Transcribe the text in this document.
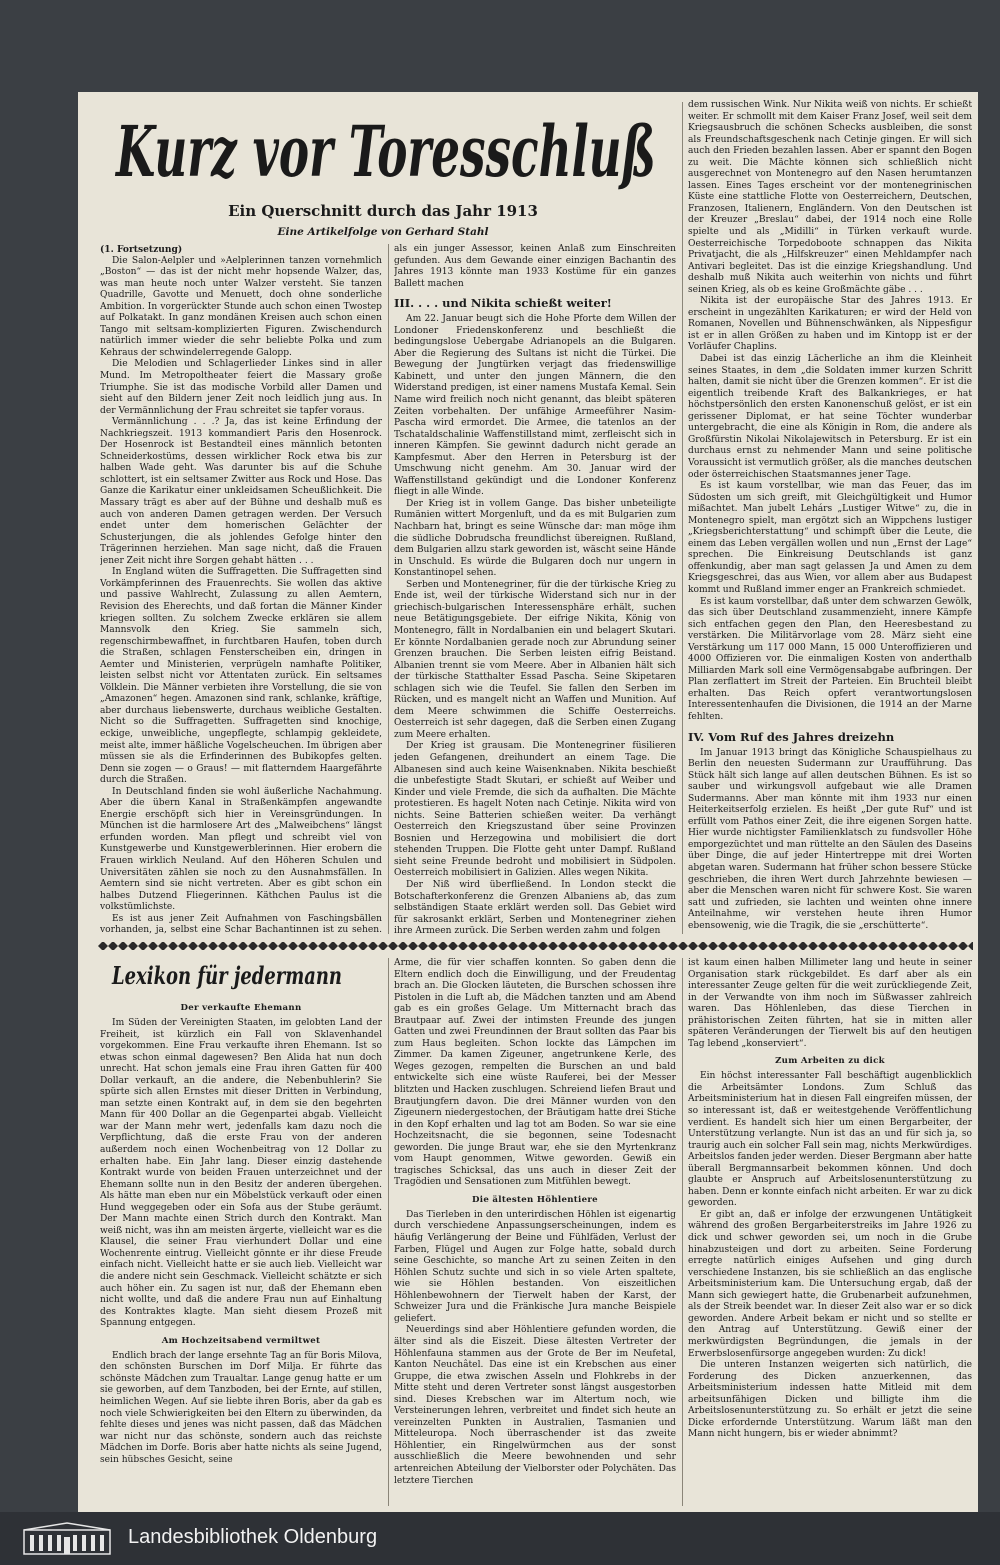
Kurz vor Toresschluß
Ein Querschnitt durch das Jahr 1913
Eine Artikelfolge von Gerhard Stahl

(1. Fortsetzung)

Die Salon-Aelpler und »Aelplerinnen tanzen vornehmlich „Boston“ — das ist der nicht mehr hopsende Walzer, das, was man heute noch unter Walzer versteht. Sie tanzen Quadrille, Gavotte und Menuett, doch ohne sonderliche Ambition. In vorgerückter Stunde auch schon einen Twostep auf Polkatakt. In ganz mondänen Kreisen auch schon einen Tango mit seltsam-komplizierten Figuren. Zwischendurch natürlich immer wieder die sehr beliebte Polka und zum Kehraus der schwindelerregende Galopp.

Die Melodien und Schlagerlieder Linkes sind in aller Mund. Im Metropoltheater feiert die Massary große Triumphe. Sie ist das modische Vorbild aller Damen und sieht auf den Bildern jener Zeit noch leidlich jung aus. In der Vermännlichung der Frau schreitet sie tapfer voraus.

Vermännlichung . . .? Ja, das ist keine Erfindung der Nachkriegszeit. 1913 kommandiert Paris den Hosenrock. Der Hosenrock ist Bestandteil eines männlich betonten Schneiderkostüms, dessen wirklicher Rock etwa bis zur halben Wade geht. Was darunter bis auf die Schuhe schlottert, ist ein seltsamer Zwitter aus Rock und Hose. Das Ganze die Karikatur einer unkleidsamen Scheußlichkeit. Die Massary trägt es aber auf der Bühne und deshalb muß es auch von anderen Damen getragen werden. Der Versuch endet unter dem homerischen Gelächter der Schusterjungen, die als johlendes Gefolge hinter den Trägerinnen herziehen. Man sage nicht, daß die Frauen jener Zeit nicht ihre Sorgen gehabt hätten . . .

In England wüten die Suffragetten. Die Suffragetten sind Vorkämpferinnen des Frauenrechts. Sie wollen das aktive und passive Wahlrecht, Zulassung zu allen Aemtern, Revision des Eherechts, und daß fortan die Männer Kinder kriegen sollten. Zu solchem Zwecke erklären sie allem Mannsvolk den Krieg. Sie sammeln sich, regenschirmbewaffnet, in furchtbaren Haufen, toben durch die Straßen, schlagen Fensterscheiben ein, dringen in Aemter und Ministerien, verprügeln namhafte Politiker, leisten selbst nicht vor Attentaten zurück. Ein seltsames Völklein. Die Männer verbieten ihre Vorstellung, die sie von „Amazonen“ hegen. Amazonen sind rank, schlanke, kräftige, aber durchaus liebenswerte, durchaus weibliche Gestalten. Nicht so die Suffragetten. Suffragetten sind knochige, eckige, unweibliche, ungepflegte, schlampig gekleidete, meist alte, immer häßliche Vogelscheuchen. Im übrigen aber müssen sie als die Erfinderinnen des Bubikopfes gelten. Denn sie zogen — o Graus! — mit flatterndem Haargefährte durch die Straßen.

In Deutschland finden sie wohl äußerliche Nachahmung. Aber die übern Kanal in Straßenkämpfen angewandte Energie erschöpft sich hier in Vereinsgründungen. In München ist die harmlosere Art des „Malweibchens“ längst erfunden worden. Man pflegt und schreibt viel von Kunstgewerbe und Kunstgewerblerinnen. Hier erobern die Frauen wirklich Neuland. Auf den Höheren Schulen und Universitäten zählen sie noch zu den Ausnahmsfällen. In Aemtern sind sie nicht vertreten. Aber es gibt schon ein halbes Dutzend Fliegerinnen. Käthchen Paulus ist die volkstümlichste.

Es ist aus jener Zeit Aufnahmen von Faschingsbällen vorhanden, ja, selbst eine Schar Bachantinnen ist zu sehen.

als ein junger Assessor, keinen Anlaß zum Einschreiten gefunden. Aus dem Gewande einer einzigen Bachantin des Jahres 1913 könnte man 1933 Kostüme für ein ganzes Ballett machen

III. . . . und Nikita schießt weiter!

Am 22. Januar beugt sich die Hohe Pforte dem Willen der Londoner Friedenskonferenz und beschließt die bedingungslose Uebergabe Adrianopels an die Bulgaren. Aber die Regierung des Sultans ist nicht die Türkei. Die Bewegung der Jungtürken verjagt das friedenswillige Kabinett, und unter den jungen Männern, die den Widerstand predigen, ist einer namens Mustafa Kemal. Sein Name wird freilich noch nicht genannt, das bleibt späteren Zeiten vorbehalten. Der unfähige Armeeführer Nasim-Pascha wird ermordet. Die Armee, die tatenlos an der Tschataldschalinie Waffenstillstand mimt, zerfleischt sich in inneren Kämpfen. Sie gewinnt dadurch nicht gerade an Kampfesmut. Aber den Herren in Petersburg ist der Umschwung nicht genehm. Am 30. Januar wird der Waffenstillstand gekündigt und die Londoner Konferenz fliegt in alle Winde.

Der Krieg ist in vollem Gange. Das bisher unbeteiligte Rumänien wittert Morgenluft, und da es mit Bulgarien zum Nachbarn hat, bringt es seine Wünsche dar: man möge ihm die südliche Dobrudscha freundlichst übereignen. Rußland, dem Bulgarien allzu stark geworden ist, wäscht seine Hände in Unschuld. Es würde die Bulgaren doch nur ungern in Konstantinopel sehen.

Serben und Montenegriner, für die der türkische Krieg zu Ende ist, weil der türkische Widerstand sich nur in der griechisch-bulgarischen Interessensphäre erhält, suchen neue Betätigungsgebiete. Der eifrige Nikita, König von Montenegro, fällt in Nordalbanien ein und belagert Skutari. Er könnte Nordalbanien gerade noch zur Abrundung seiner Grenzen brauchen. Die Serben leisten eifrig Beistand. Albanien trennt sie vom Meere. Aber in Albanien hält sich der türkische Statthalter Essad Pascha. Seine Skipetaren schlagen sich wie die Teufel. Sie fallen den Serben im Rücken, und es mangelt nicht an Waffen und Munition. Auf dem Meere schwimmen die Schiffe Oesterreichs. Oesterreich ist sehr dagegen, daß die Serben einen Zugang zum Meere erhalten.

Der Krieg ist grausam. Die Montenegriner füsilieren jeden Gefangenen, dreihundert an einem Tage. Die Albanesen sind auch keine Waisenknaben. Nikita beschießt die unbefestigte Stadt Skutari, er schießt auf Weiber und Kinder und viele Fremde, die sich da aufhalten. Die Mächte protestieren. Es hagelt Noten nach Cetinje. Nikita wird von nichts. Seine Batterien schießen weiter. Da verhängt Oesterreich den Kriegszustand über seine Provinzen Bosnien und Herzegowina und mobilisiert die dort stehenden Truppen. Die Flotte geht unter Dampf. Rußland sieht seine Freunde bedroht und mobilisiert in Südpolen. Oesterreich mobilisiert in Galizien. Alles wegen Nikita.

Der Niß wird überfließend. In London steckt die Botschafterkonferenz die Grenzen Albaniens ab, das zum selbständigen Staate erklärt werden soll. Das Gebiet wird für sakrosankt erklärt, Serben und Montenegriner ziehen ihre Armeen zurück. Die Serben werden zahm und folgen

dem russischen Wink. Nur Nikita weiß von nichts. Er schießt weiter. Er schmollt mit dem Kaiser Franz Josef, weil seit dem Kriegsausbruch die schönen Schecks ausbleiben, die sonst als Freundschaftsgeschenk nach Cetinje gingen. Er will sich auch den Frieden bezahlen lassen. Aber er spannt den Bogen zu weit. Die Mächte können sich schließlich nicht ausgerechnet von Montenegro auf den Nasen herumtanzen lassen. Eines Tages erscheint vor der montenegrinischen Küste eine stattliche Flotte von Oesterreichern, Deutschen, Franzosen, Italienern, Engländern. Von den Deutschen ist der Kreuzer „Breslau“ dabei, der 1914 noch eine Rolle spielte und als „Midilli“ in Türken verkauft wurde. Oesterreichische Torpedoboote schnappen das Nikita Privatjacht, die als „Hilfskreuzer“ einen Mehldampfer nach Antivari begleitet. Das ist die einzige Kriegshandlung. Und deshalb muß Nikita auch weiterhin von nichts und führt seinen Krieg, als ob es keine Großmächte gäbe . . .

Nikita ist der europäische Star des Jahres 1913. Er erscheint in ungezählten Karikaturen; er wird der Held von Romanen, Novellen und Bühnenschwänken, als Nippesfigur ist er in allen Größen zu haben und im Kintopp ist er der Vorläufer Chaplins.

Dabei ist das einzig Lächerliche an ihm die Kleinheit seines Staates, in dem „die Soldaten immer kurzen Schritt halten, damit sie nicht über die Grenzen kommen“. Er ist die eigentlich treibende Kraft des Balkankrieges, er hat höchstpersönlich den ersten Kanonenschuß gelöst, er ist ein gerissener Diplomat, er hat seine Töchter wunderbar untergebracht, die eine als Königin in Rom, die andere als Großfürstin Nikolai Nikolajewitsch in Petersburg. Er ist ein durchaus ernst zu nehmender Mann und seine politische Voraussicht ist vermutlich größer, als die manches deutschen oder österreichischen Staatsmannes jener Tage.

Es ist kaum vorstellbar, wie man das Feuer, das im Südosten um sich greift, mit Gleichgültigkeit und Humor mißachtet. Man jubelt Lehárs „Lustiger Witwe“ zu, die in Montenegro spielt, man ergötzt sich an Wippchens lustiger „Kriegsberichterstattung“ und schimpft über die Leute, die einem das Leben vergällen wollen und nun „Ernst der Lage“ sprechen. Die Einkreisung Deutschlands ist ganz offenkundig, aber man sagt gelassen Ja und Amen zu dem Kriegsgeschrei, das aus Wien, vor allem aber aus Budapest kommt und Rußland immer enger an Frankreich schmiedet.

Es ist kaum vorstellbar, daß unter dem schwarzen Gewölk, das sich über Deutschland zusammenzieht, innere Kämpfe sich entfachen gegen den Plan, den Heeresbestand zu verstärken. Die Militärvorlage vom 28. März sieht eine Verstärkung um 117 000 Mann, 15 000 Unteroffizieren und 4000 Offizieren vor. Die einmaligen Kosten von anderthalb Milliarden Mark soll eine Vermögensabgabe aufbringen. Der Plan zerflattert im Streit der Parteien. Ein Bruchteil bleibt erhalten. Das Reich opfert verantwortungslosen Interessentenhaufen die Divisionen, die 1914 an der Marne fehlten.

IV. Vom Ruf des Jahres dreizehn

Im Januar 1913 bringt das Königliche Schauspielhaus zu Berlin den neuesten Sudermann zur Uraufführung. Das Stück hält sich lange auf allen deutschen Bühnen. Es ist so sauber und wirkungsvoll aufgebaut wie alle Dramen Sudermanns. Aber man könnte mit ihm 1933 nur einen Heiterkeitserfolg erzielen. Es heißt „Der gute Ruf“ und ist erfüllt vom Pathos einer Zeit, die ihre eigenen Sorgen hatte. Hier wurde nichtigster Familienklatsch zu fundsvoller Höhe emporgezüchtet und man rüttelte an den Säulen des Daseins über Dinge, die auf jeder Hintertreppe mit drei Worten abgetan waren. Sudermann hat früher schon bessere Stücke geschrieben, die ihren Wert durch Jahrzehnte bewiesen — aber die Menschen waren nicht für schwere Kost. Sie waren satt und zufrieden, sie lachten und weinten ohne innere Anteilnahme, wir verstehen heute ihren Humor ebensowenig, wie die Tragik, die sie „erschütterte“.

Lexikon für jedermann
Der verkaufte Ehemann

Im Süden der Vereinigten Staaten, im gelobten Land der Freiheit, ist kürzlich ein Fall von Sklavenhandel vorgekommen. Eine Frau verkaufte ihren Ehemann. Ist so etwas schon einmal dagewesen? Ben Alida hat nun doch unrecht. Hat schon jemals eine Frau ihren Gatten für 400 Dollar verkauft, an die andere, die Nebenbuhlerin? Sie spürte sich allen Ernstes mit dieser Dritten in Verbindung, man setzte einen Kontrakt auf, in dem sie den begehrten Mann für 400 Dollar an die Gegenpartei abgab. Vielleicht war der Mann mehr wert, jedenfalls kam dazu noch die Verpflichtung, daß die erste Frau von der anderen außerdem noch einen Wochenbeitrag von 12 Dollar zu erhalten habe. Ein Jahr lang. Dieser einzig dastehende Kontrakt wurde von beiden Frauen unterzeichnet und der Ehemann sollte nun in den Besitz der anderen übergehen. Als hätte man eben nur ein Möbelstück verkauft oder einen Hund weggegeben oder ein Sofa aus der Stube geräumt. Der Mann machte einen Strich durch den Kontrakt. Man weiß nicht, was ihn am meisten ärgerte, vielleicht war es die Klausel, die seiner Frau vierhundert Dollar und eine Wochenrente eintrug. Vielleicht gönnte er ihr diese Freude einfach nicht. Vielleicht hatte er sie auch lieb. Vielleicht war die andere nicht sein Geschmack. Vielleicht schätzte er sich auch höher ein. Zu sagen ist nur, daß der Ehemann eben nicht wollte, und daß die andere Frau nun auf Einhaltung des Kontraktes klagte. Man sieht diesem Prozeß mit Spannung entgegen.

Am Hochzeitsabend vermiltwet

Endlich brach der lange ersehnte Tag an für Boris Milova, den schönsten Burschen im Dorf Milja. Er führte das schönste Mädchen zum Traualtar. Lange genug hatte er um sie geworben, auf dem Tanzboden, bei der Ernte, auf stillen, heimlichen Wegen. Auf sie liebte ihren Boris, aber da gab es noch viele Schwierigkeiten bei den Eltern zu überwinden, da fehlte dieses und jenes was nicht passen, daß das Mädchen war nicht nur das schönste, sondern auch das reichste Mädchen im Dorfe. Boris aber hatte nichts als seine Jugend, sein hübsches Gesicht, seine

Arme, die für vier schaffen konnten. So gaben denn die Eltern endlich doch die Einwilligung, und der Freudentag brach an. Die Glocken läuteten, die Burschen schossen ihre Pistolen in die Luft ab, die Mädchen tanzten und am Abend gab es ein großes Gelage. Um Mitternacht brach das Brautpaar auf. Zwei der intimsten Freunde des jungen Gatten und zwei Freundinnen der Braut sollten das Paar bis zum Haus begleiten. Schon lockte das Lämpchen im Zimmer. Da kamen Zigeuner, angetrunkene Kerle, des Weges gezogen, rempelten die Burschen an und bald entwickelte sich eine wüste Rauferei, bei der Messer blitzten und Hacken zuschlugen. Schreiend liefen Braut und Brautjungfern davon. Die drei Männer wurden von den Zigeunern niedergestochen, der Bräutigam hatte drei Stiche in den Kopf erhalten und lag tot am Boden. So war sie eine Hochzeitsnacht, die sie begonnen, seine Todesnacht geworden. Die junge Braut war, ehe sie den Myrtenkranz vom Haupt genommen, Witwe geworden. Gewiß ein tragisches Schicksal, das uns auch in dieser Zeit der Tragödien und Sensationen zum Mitfühlen bewegt.

Die ältesten Höhlentiere

Das Tierleben in den unterirdischen Höhlen ist eigenartig durch verschiedene Anpassungserscheinungen, indem es häufig Verlängerung der Beine und Fühlfäden, Verlust der Farben, Flügel und Augen zur Folge hatte, sobald durch seine Geschichte, so manche Art zu seinen Zeiten in den Höhlen Schutz suchte und sich in so viele Arten spaltete, wie sie Höhlen bestanden. Von eiszeitlichen Höhlenbewohnern der Tierwelt haben der Karst, der Schweizer Jura und die Fränkische Jura manche Beispiele geliefert.

Neuerdings sind aber Höhlentiere gefunden worden, die älter sind als die Eiszeit. Diese ältesten Vertreter der Höhlenfauna stammen aus der Grote de Ber im Neufetal, Kanton Neuchâtel. Das eine ist ein Krebschen aus einer Gruppe, die etwa zwischen Asseln und Flohkrebs in der Mitte steht und deren Vertreter sonst längst ausgestorben sind. Dieses Krebschen war im Altertum noch, wie Versteinerungen lehren, verbreitet und findet sich heute an vereinzelten Punkten in Australien, Tasmanien und Mitteleuropa. Noch überraschender ist das zweite Höhlentier, ein Ringelwürmchen aus der sonst ausschließlich die Meere bewohnenden und sehr artenreichen Abteilung der Vielborster oder Polychäten. Das letztere Tierchen

ist kaum einen halben Millimeter lang und heute in seiner Organisation stark rückgebildet. Es darf aber als ein interessanter Zeuge gelten für die weit zurückliegende Zeit, in der Verwandte von ihm noch im Süßwasser zahlreich waren. Das Höhlenleben, das diese Tierchen in prähistorischen Zeiten führten, hat sie in mitten aller späteren Veränderungen der Tierwelt bis auf den heutigen Tag lebend „konserviert“.

Zum Arbeiten zu dick

Ein höchst interessanter Fall beschäftigt augenblicklich die Arbeitsämter Londons. Zum Schluß das Arbeitsministerium hat in diesen Fall eingreifen müssen, der so interessant ist, daß er weitestgehende Veröffentlichung verdient. Es handelt sich hier um einen Bergarbeiter, der Unterstützung verlangte. Nun ist das an und für sich ja, so traurig auch ein solcher Fall sein mag, nichts Merkwürdiges. Arbeitslos fanden jeder werden. Dieser Bergmann aber hatte überall Bergmannsarbeit bekommen können. Und doch glaubte er Anspruch auf Arbeitslosenunterstützung zu haben. Denn er konnte einfach nicht arbeiten. Er war zu dick geworden.

Er gibt an, daß er infolge der erzwungenen Untätigkeit während des großen Bergarbeiterstreiks im Jahre 1926 zu dick und schwer geworden sei, um noch in die Grube hinabzusteigen und dort zu arbeiten. Seine Forderung erregte natürlich einiges Aufsehen und ging durch verschiedene Instanzen, bis sie schließlich an das englische Arbeitsministerium kam. Die Untersuchung ergab, daß der Mann sich gewiegert hatte, die Grubenarbeit aufzunehmen, als der Streik beendet war. In dieser Zeit also war er so dick geworden. Andere Arbeit bekam er nicht und so stellte er den Antrag auf Unterstützung. Gewiß einer der merkwürdigsten Begründungen, die jemals in der Erwerbslosenfürsorge angegeben wurden: Zu dick!

Die unteren Instanzen weigerten sich natürlich, die Forderung des Dicken anzuerkennen, das Arbeitsministerium indessen hatte Mitleid mit dem arbeitsunfähigen Dicken und billigte ihm die Arbeitslosenunterstützung zu. So erhält er jetzt die seine Dicke erfordernde Unterstützung. Warum läßt man den Mann nicht hungern, bis er wieder abnimmt?

Landesbibliothek Oldenburg
